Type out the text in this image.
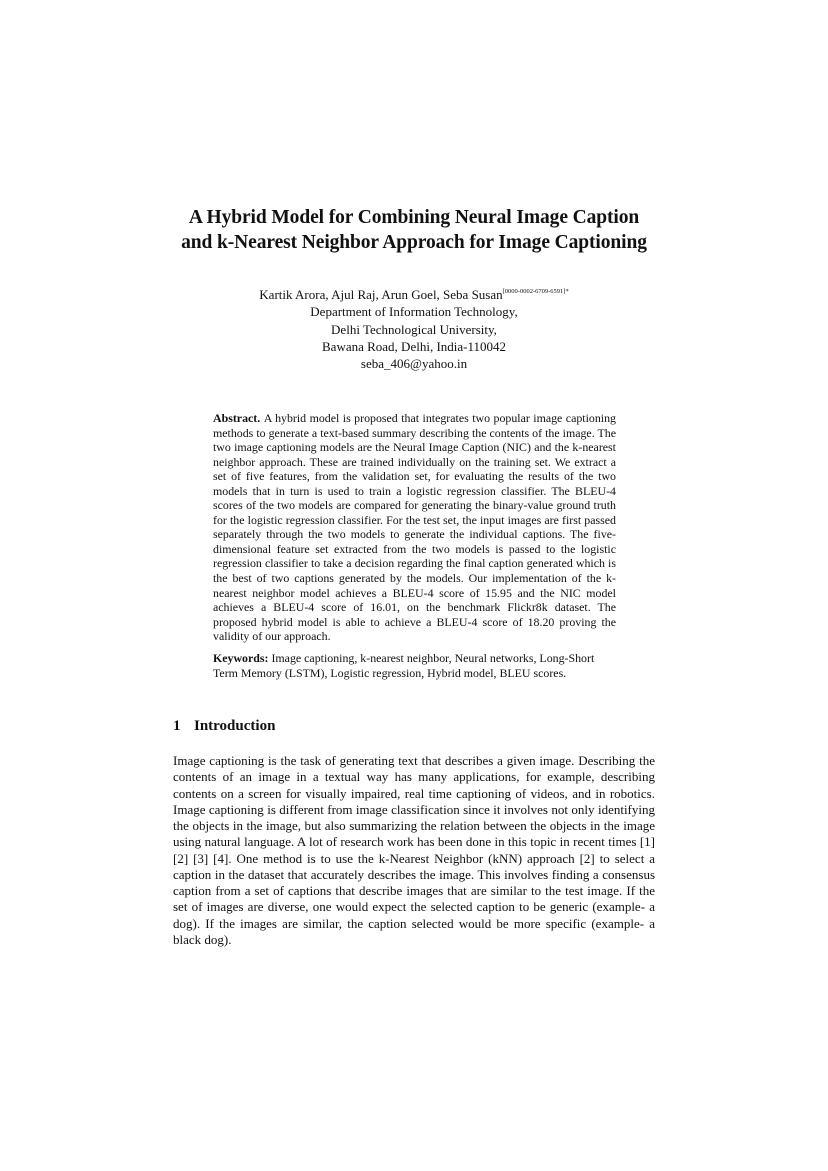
A Hybrid Model for Combining Neural Image Caption
and k-Nearest Neighbor Approach for Image Captioning
Kartik Arora, Ajul Raj, Arun Goel, Seba Susan$^{[0000-0002-6709-6591]*}$
Department of Information Technology,
Delhi Technological University,
Bawana Road, Delhi, India-110042
seba_406@yahoo.in
Abstract. A hybrid model is proposed that integrates two popular image captioning methods to generate a text-based summary describing the contents of the image. The two image captioning models are the Neural Image Caption (NIC) and the k-nearest neighbor approach. These are trained individually on the training set. We extract a set of five features, from the validation set, for evaluating the results of the two models that in turn is used to train a logistic regression classifier. The BLEU-4 scores of the two models are compared for generating the binary-value ground truth for the logistic regression classifier. For the test set, the input images are first passed separately through the two models to generate the individual captions. The five-dimensional feature set extracted from the two models is passed to the logistic regression classifier to take a decision regarding the final caption generated which is the best of two captions generated by the models. Our implementation of the k-nearest neighbor model achieves a BLEU-4 score of 15.95 and the NIC model achieves a BLEU-4 score of 16.01, on the benchmark Flickr8k dataset. The proposed hybrid model is able to achieve a BLEU-4 score of 18.20 proving the validity of our approach.
Keywords: Image captioning, k-nearest neighbor, Neural networks, Long-Short Term Memory (LSTM), Logistic regression, Hybrid model, BLEU scores.
1 Introduction
Image captioning is the task of generating text that describes a given image. Describing the contents of an image in a textual way has many applications, for example, describing contents on a screen for visually impaired, real time captioning of videos, and in robotics. Image captioning is different from image classification since it involves not only identifying the objects in the image, but also summarizing the relation between the objects in the image using natural language. A lot of research work has been done in this topic in recent times [1] [2] [3] [4]. One method is to use the k-Nearest Neighbor (kNN) approach [2] to select a caption in the dataset that accurately describes the image. This involves finding a consensus caption from a set of captions that describe images that are similar to the test image. If the set of images are diverse, one would expect the selected caption to be generic (example- a dog). If the images are similar, the caption selected would be more specific (example- a black dog).
